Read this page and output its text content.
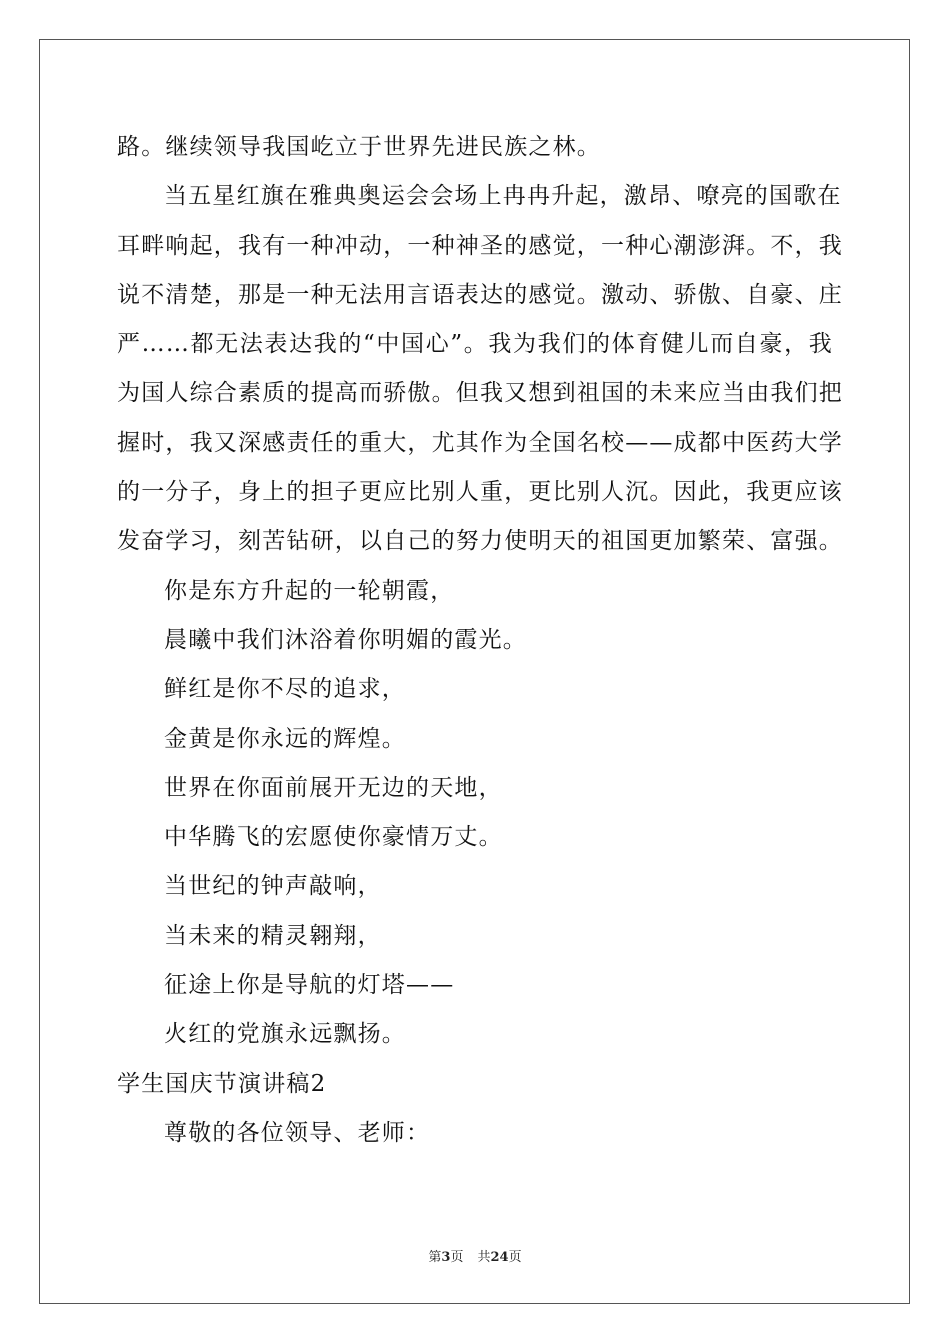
路。继续领导我国屹立于世界先进民族之林。
当五星红旗在雅典奥运会会场上冉冉升起，激昂、嘹亮的国歌在
耳畔响起，我有一种冲动，一种神圣的感觉，一种心潮澎湃。不，我
说不清楚，那是一种无法用言语表达的感觉。激动、骄傲、自豪、庄
严……都无法表达我的“中国心”。我为我们的体育健儿而自豪，我
为国人综合素质的提高而骄傲。但我又想到祖国的未来应当由我们把
握时，我又深感责任的重大，尤其作为全国名校——成都中医药大学
的一分子，身上的担子更应比别人重，更比别人沉。因此，我更应该
发奋学习，刻苦钻研，以自己的努力使明天的祖国更加繁荣、富强。
你是东方升起的一轮朝霞，
晨曦中我们沐浴着你明媚的霞光。
鲜红是你不尽的追求，
金黄是你永远的辉煌。
世界在你面前展开无边的天地，
中华腾飞的宏愿使你豪情万丈。
当世纪的钟声敲响，
当未来的精灵翱翔，
征途上你是导航的灯塔——
火红的党旗永远飘扬。
学生国庆节演讲稿2
尊敬的各位领导、老师：
第3页 共24页
